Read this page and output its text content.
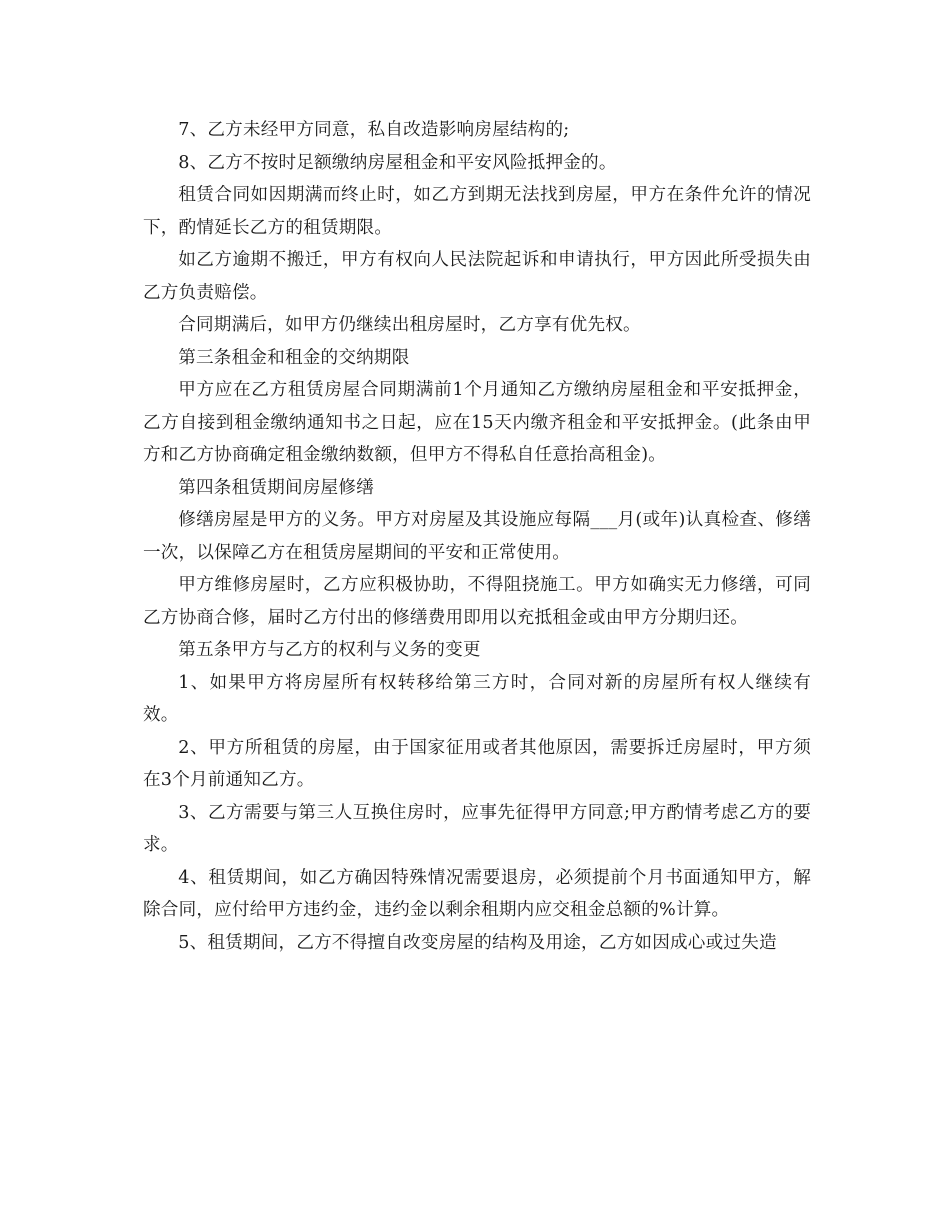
7、乙方未经甲方同意，私自改造影响房屋结构的;

8、乙方不按时足额缴纳房屋租金和平安风险抵押金的。

租赁合同如因期满而终止时，如乙方到期无法找到房屋，甲方在条件允许的情况下，酌情延长乙方的租赁期限。

如乙方逾期不搬迁，甲方有权向人民法院起诉和申请执行，甲方因此所受损失由乙方负责赔偿。

合同期满后，如甲方仍继续出租房屋时，乙方享有优先权。

第三条租金和租金的交纳期限

甲方应在乙方租赁房屋合同期满前1个月通知乙方缴纳房屋租金和平安抵押金，乙方自接到租金缴纳通知书之日起，应在15天内缴齐租金和平安抵押金。(此条由甲方和乙方协商确定租金缴纳数额，但甲方不得私自任意抬高租金)。

第四条租赁期间房屋修缮

修缮房屋是甲方的义务。甲方对房屋及其设施应每隔___月(或年)认真检查、修缮一次，以保障乙方在租赁房屋期间的平安和正常使用。

甲方维修房屋时，乙方应积极协助，不得阻挠施工。甲方如确实无力修缮，可同乙方协商合修，届时乙方付出的修缮费用即用以充抵租金或由甲方分期归还。

第五条甲方与乙方的权利与义务的变更

1、如果甲方将房屋所有权转移给第三方时，合同对新的房屋所有权人继续有效。

2、甲方所租赁的房屋，由于国家征用或者其他原因，需要拆迁房屋时，甲方须在3个月前通知乙方。

3、乙方需要与第三人互换住房时，应事先征得甲方同意;甲方酌情考虑乙方的要求。

4、租赁期间，如乙方确因特殊情况需要退房，必须提前个月书面通知甲方，解除合同，应付给甲方违约金，违约金以剩余租期内应交租金总额的%计算。

5、租赁期间，乙方不得擅自改变房屋的结构及用途，乙方如因成心或过失造
